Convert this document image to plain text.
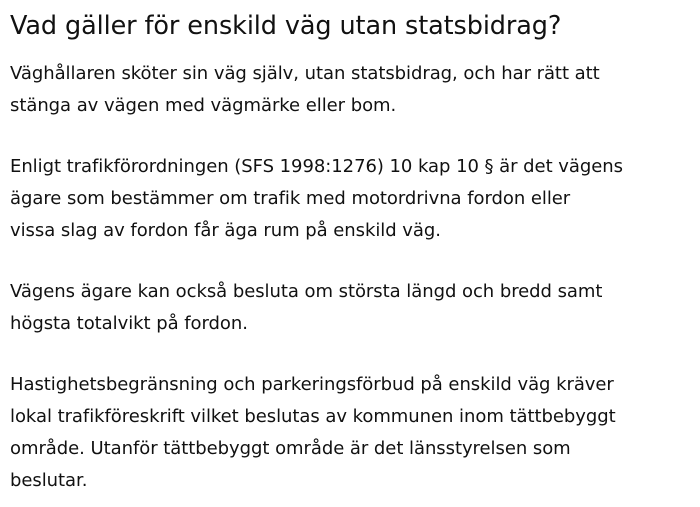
Vad gäller för enskild väg utan statsbidrag?

Väghållaren sköter sin väg själv, utan statsbidrag, och har rätt att
stänga av vägen med vägmärke eller bom.

Enligt trafikförordningen (SFS 1998:1276) 10 kap 10 § är det vägens
ägare som bestämmer om trafik med motordrivna fordon eller
vissa slag av fordon får äga rum på enskild väg.

Vägens ägare kan också besluta om största längd och bredd samt
högsta totalvikt på fordon.

Hastighetsbegränsning och parkeringsförbud på enskild väg kräver
lokal trafikföreskrift vilket beslutas av kommunen inom tättbebyggt
område. Utanför tättbebyggt område är det länsstyrelsen som
beslutar.
